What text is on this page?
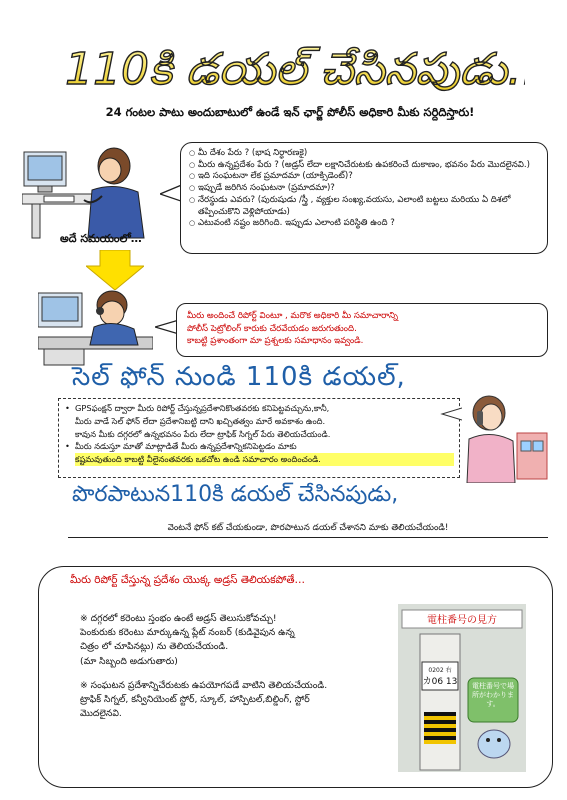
110కి డయల్ చేసినపుడు…
24 గంటల పాటు అందుబాటులో ఉండే ఇన్ ఛార్జ్ పోలీస్ అధికారి మీకు సర్దిదిస్తారు!
అదే సమయంలో…
○ మీ దేశం పేరు ? (భాష నిర్ధారణకై)
○ మీరు ఉన్నప్రదేశం పేరు ? (అడ్రస్ లేదా లక్షానిచేరుటకు ఉపకరించే దుకాణం, భవనం పేరు మొదలైనవి.)
○ ఇది సంఘటనా లేక ప్రమాదమా (యాక్సిడెంట్)?
○ ఇప్పుడే జరిగిన సంఘటనా (ప్రమాదమా)?
○ నేరస్థుడు ఎవరు? (పురుషుడు /స్త్రీ , వ్యక్తుల సంఖ్య,వయసు, ఎలాంటి బట్టలు మరియు ఏ దిశలో తప్పించుకొని వెళ్లిపోయాడు)
○ ఎటువంటి నష్టం జరిగింది. ఇప్పుడు ఎలాంటి పరిస్థితి ఉంది ?
మీరు అందించే రిపోర్ట్ వింటూ , మరొక అధికారి మీ సమాచారాన్ని
పోలీస్ పెట్రోలింగ్ కారుకు చేరవేయడం జరుగుతుంది.
కాబట్టి ప్రశాంతంగా మా ప్రశ్నలకు సమాధానం ఇవ్వండి.
సెల్ ఫోన్ నుండి 110కి డయల్,
• GPSఫంక్షన్ ద్వారా మీరు రిపోర్ట్ చేస్తున్నప్రదేశానికొంతవరకు కనిపెట్టవచ్చును,కానీ,
మీరు వాడే సెల్ ఫోన్ లేదా ప్రదేశానిబట్టి దాని ఖచ్చితత్వం మారే అవకాశం ఉంది.
కావున మీకు దగ్గరలో ఉన్నభవనం పేరు లేదా ట్రాఫిక్ సిగ్నల్ పేరు తెలియచేయండి.
• మీరు నడుస్తూ మాతో మాట్లాడితే మీరు ఉన్నప్రదేశాన్నికనిపెట్టడం మాకు
కష్టమవుతుంది కాబట్టి వీలైనంతవరకు ఒకచోట ఉండి సమాచారం అందించండి.
పొరపాటున110కి డయల్ చేసినపుడు,
వెంటనే ఫోన్ కట్ చేయకుండా, పొరపాటున డయల్ చేశానని మాకు తెలియచేయండి!
మీరు రిపోర్ట్ చేస్తున్న ప్రదేశం యొక్క అడ్రస్ తెలియకపోతే…

※ దగ్గరలో కరెంటు స్తంభం ఉంటే అడ్రస్ తెలుసుకోవచ్చు!
పెంకురుకు కరెంటు మార్కుఉన్న ప్లేట్ నంబర్ (కుడివైపున ఉన్న
చిత్రం లో చూపినట్లు) ను తెలియచేయండి.
(మా సిబ్బంది అడుగుతారు)

※ సంఘటన ప్రదేశాన్నిచేరుటకు ఉపయోగపడే వాటిని తెలియచేయండి.
ట్రాఫిక్ సిగ్నల్, కన్వీనియెంట్ స్టోర్, స్కూల్, హాస్పిటల్,బిల్డింగ్, స్టోర్
మొదలైనవి.

電柱番号の見方
0202 右
カ06 13 電柱番号で場所がわかります。
